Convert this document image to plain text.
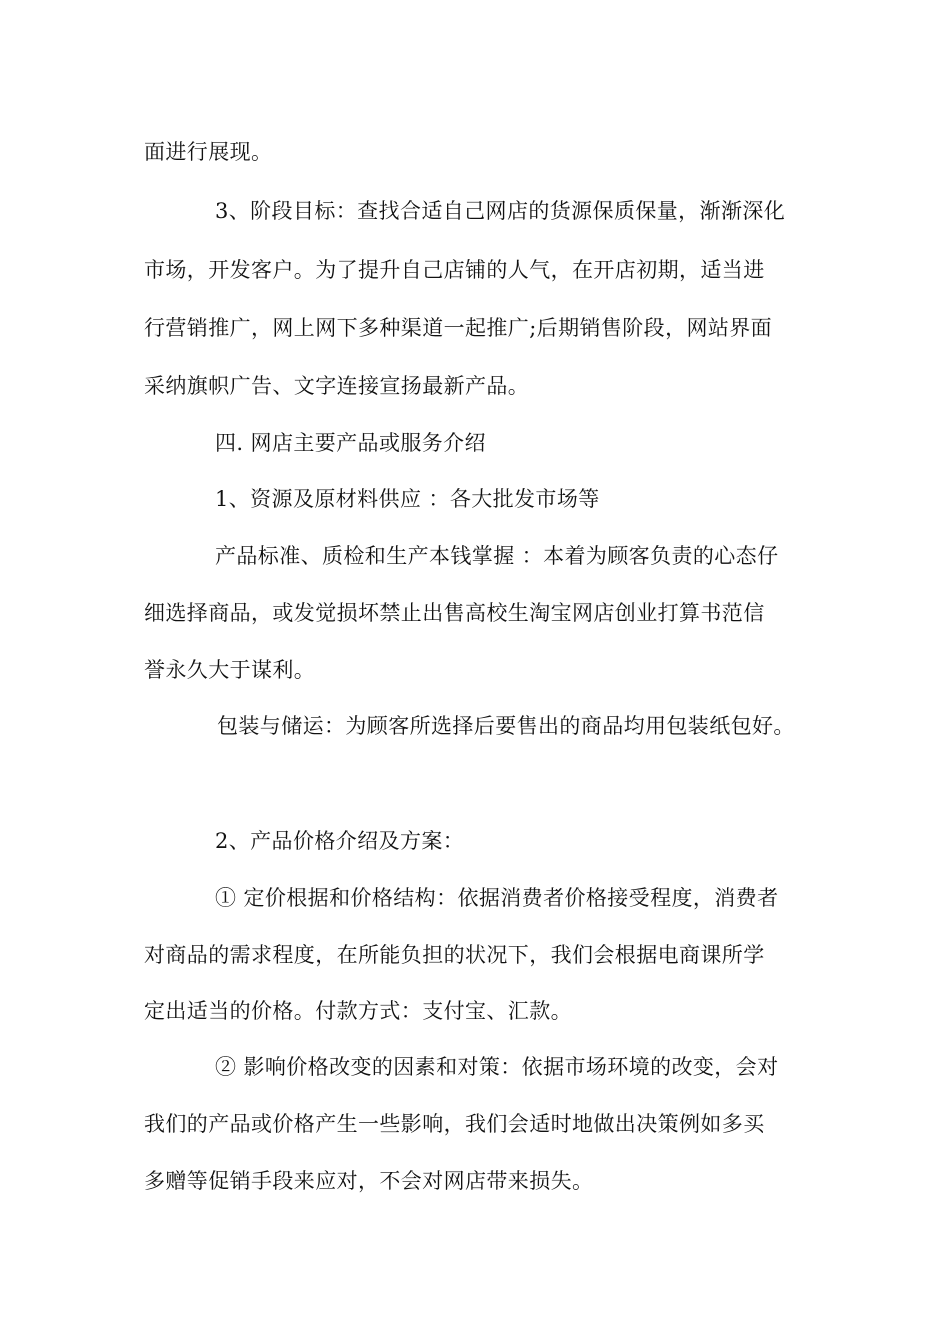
面进行展现。
3、阶段目标：查找合适自己网店的货源保质保量，渐渐深化
市场，开发客户。为了提升自己店铺的人气，在开店初期，适当进
行营销推广，网上网下多种渠道一起推广;后期销售阶段，网站界面
采纳旗帜广告、文字连接宣扬最新产品。
四. 网店主要产品或服务介绍
1、资源及原材料供应 ：各大批发市场等
产品标准、质检和生产本钱掌握 ：本着为顾客负责的心态仔
细选择商品，或发觉损坏禁止出售高校生淘宝网店创业打算书范信
誉永久大于谋利。
包装与储运：为顾客所选择后要售出的商品均用包装纸包好。
2、产品价格介绍及方案：
① 定价根据和价格结构：依据消费者价格接受程度，消费者
对商品的需求程度，在所能负担的状况下，我们会根据电商课所学
定出适当的价格。付款方式：支付宝、汇款。
② 影响价格改变的因素和对策：依据市场环境的改变，会对
我们的产品或价格产生一些影响，我们会适时地做出决策例如多买
多赠等促销手段来应对，不会对网店带来损失。
